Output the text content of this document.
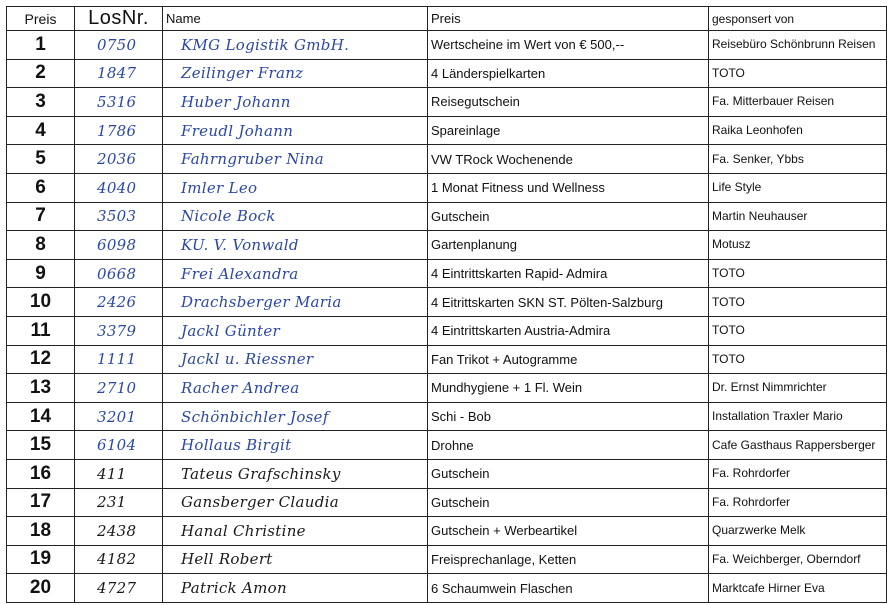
Preis	LosNr.	Name	Preis	gesponsert von
1	0750	KMG Logistik GmbH.	Wertscheine im Wert von € 500,--	Reisebüro Schönbrunn Reisen
2	1847	Zeilinger Franz	4 Länderspielkarten	TOTO
3	5316	Huber Johann	Reisegutschein	Fa. Mitterbauer Reisen
4	1786	Freudl Johann	Spareinlage	Raika Leonhofen
5	2036	Fahrngruber Nina	VW TRock Wochenende	Fa. Senker, Ybbs
6	4040	Imler Leo	1 Monat Fitness und Wellness	Life Style
7	3503	Nicole Bock	Gutschein	Martin Neuhauser
8	6098	KU. V. Vonwald	Gartenplanung	Motusz
9	0668	Frei Alexandra	4 Eintrittskarten Rapid- Admira	TOTO
10	2426	Drachsberger Maria	4 Eitrittskarten SKN ST. Pölten-Salzburg	TOTO
11	3379	Jackl Günter	4 Eintrittskarten Austria-Admira	TOTO
12	1111	Jackl u. Riessner	Fan Trikot + Autogramme	TOTO
13	2710	Racher Andrea	Mundhygiene + 1 Fl. Wein	Dr. Ernst Nimmrichter
14	3201	Schönbichler Josef	Schi - Bob	Installation Traxler Mario
15	6104	Hollaus Birgit	Drohne	Cafe Gasthaus Rappersberger
16	411	Tateus Grafschinsky	Gutschein	Fa. Rohrdorfer
17	231	Gansberger Claudia	Gutschein	Fa. Rohrdorfer
18	2438	Hanal Christine	Gutschein + Werbeartikel	Quarzwerke Melk
19	4182	Hell Robert	Freisprechanlage, Ketten	Fa. Weichberger, Oberndorf
20	4727	Patrick Amon	6 Schaumwein Flaschen	Marktcafe Hirner Eva
